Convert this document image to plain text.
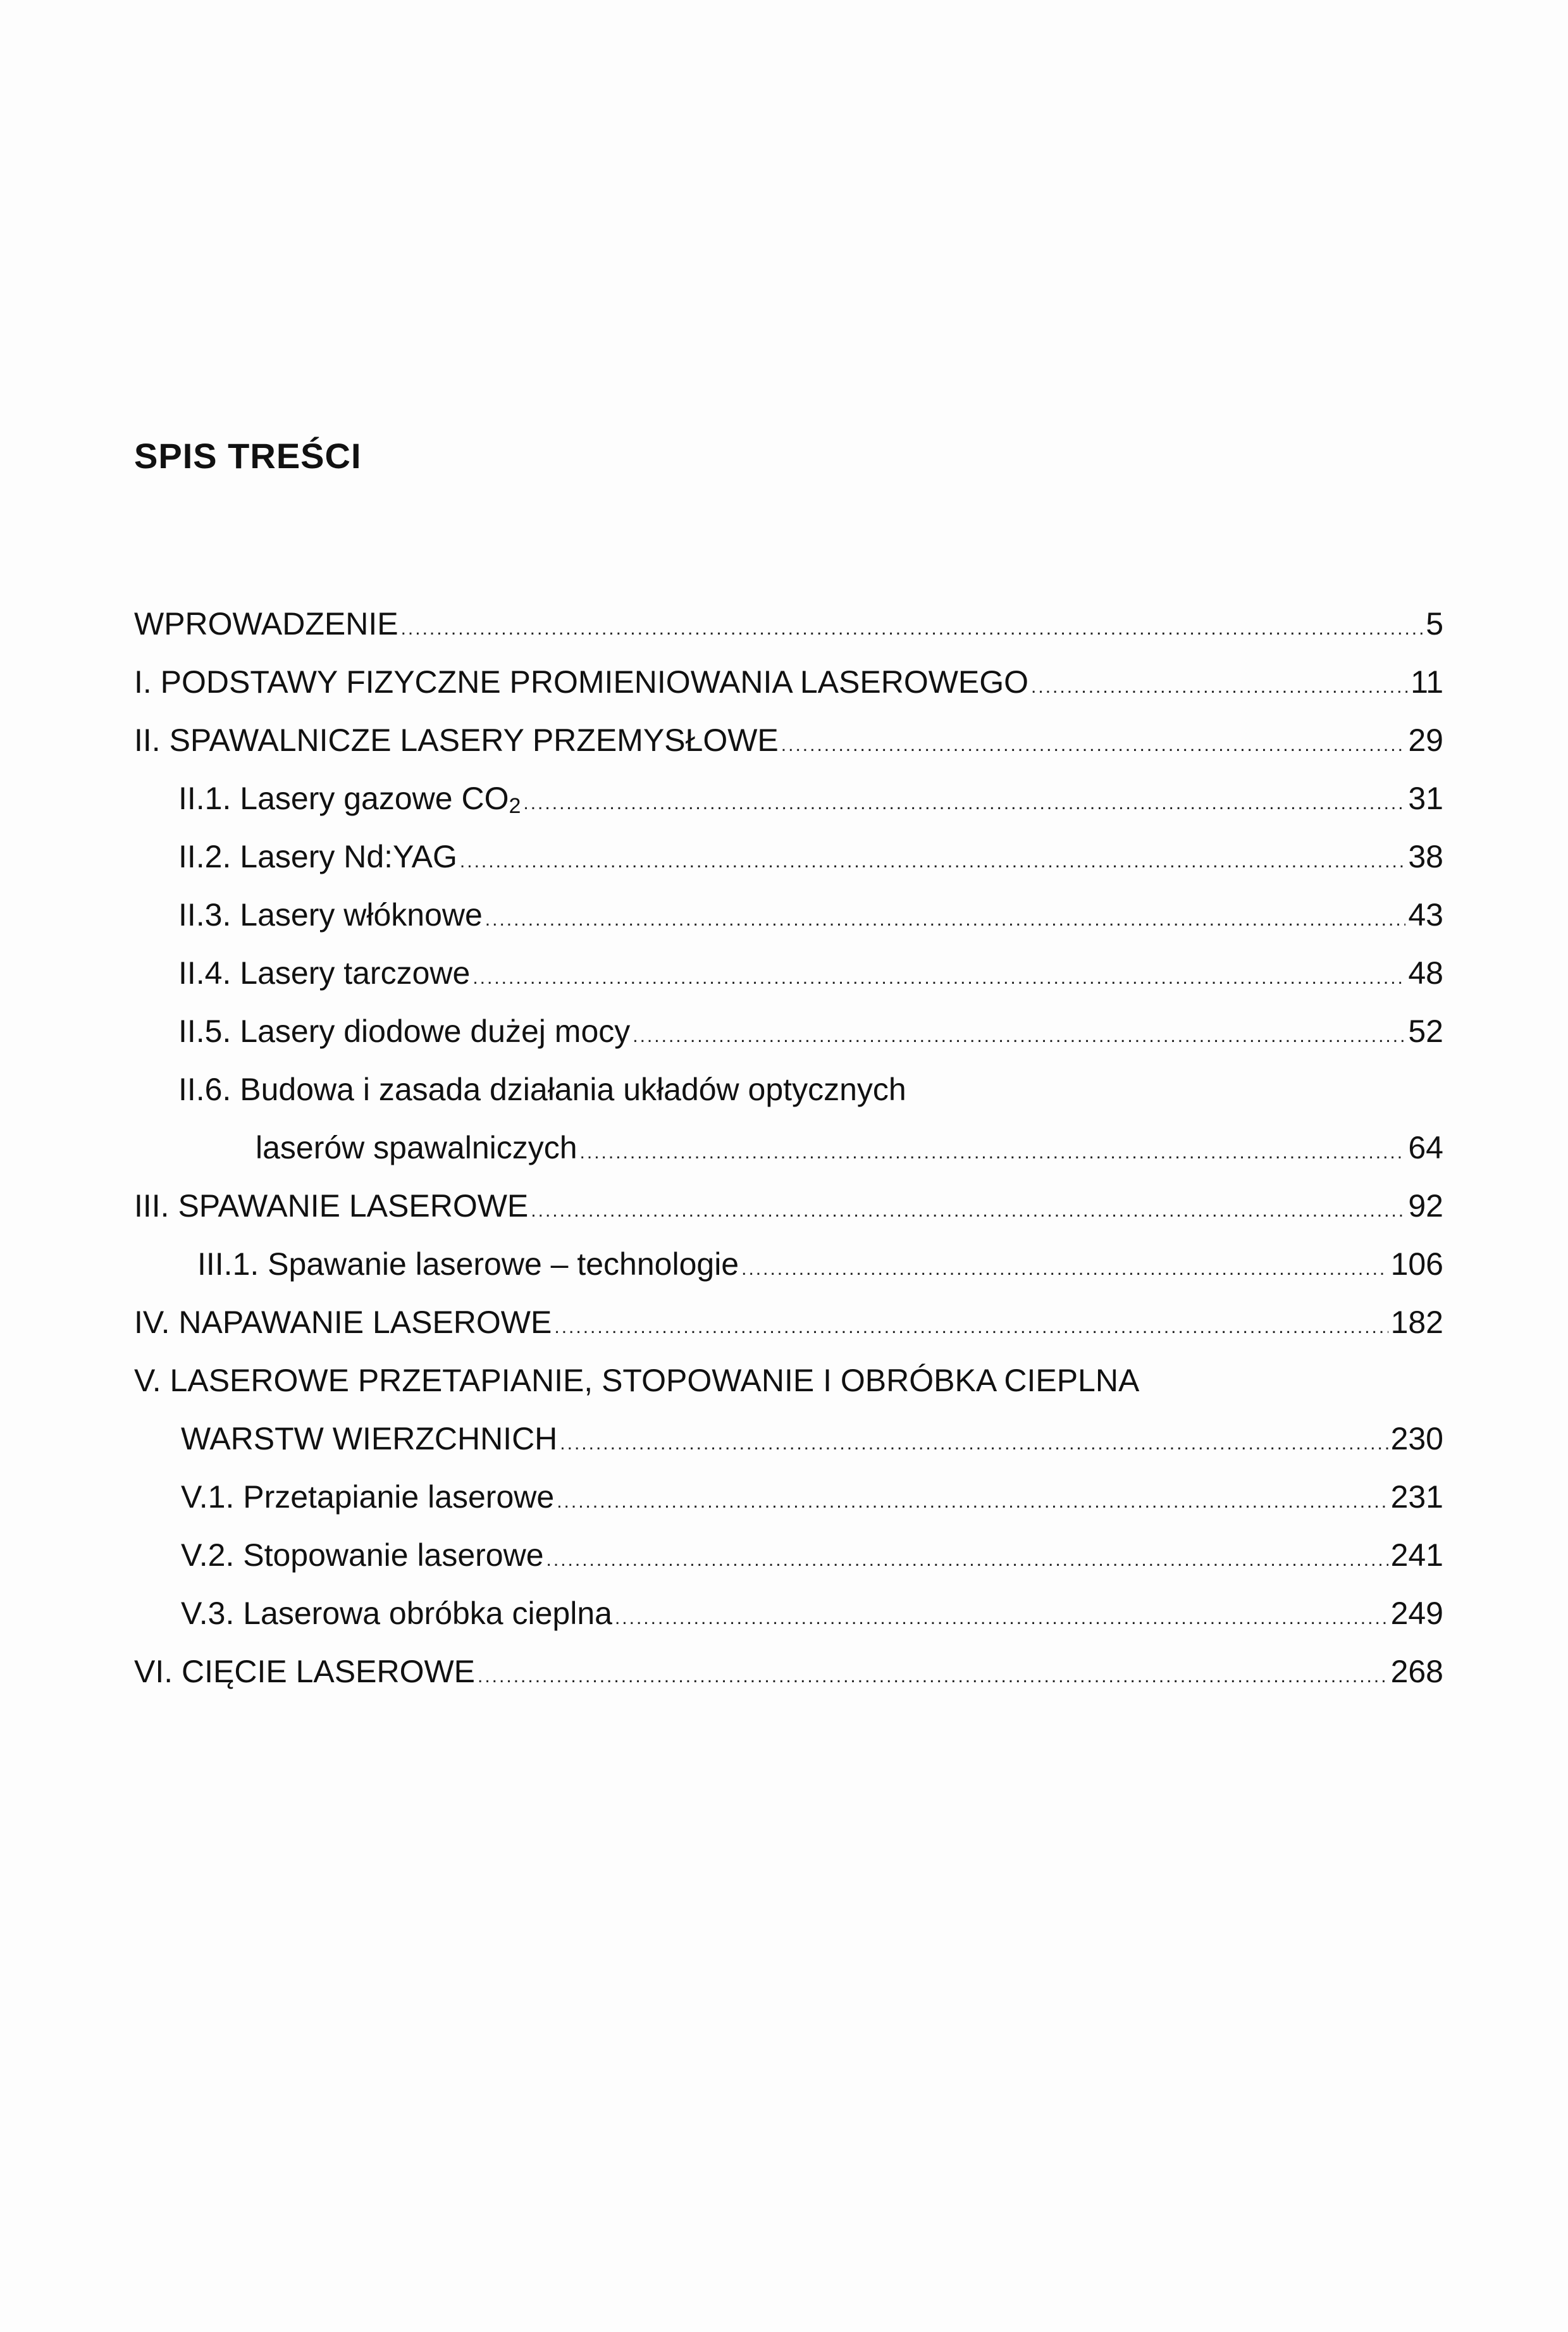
SPIS TREŚCI
WPROWADZENIE .....	5
I. PODSTAWY FIZYCZNE PROMIENIOWANIA LASEROWEGO .....	11
II. SPAWALNICZE LASERY PRZEMYSŁOWE .....	29
II.1. Lasery gazowe $CO_2$ .....	31
II.2. Lasery Nd:YAG .....	38
II.3. Lasery włóknowe .....	43
II.4. Lasery tarczowe .....	48
II.5. Lasery diodowe dużej mocy .....	52
II.6. Budowa i zasada działania układów optycznych
laserów spawalniczych .....	64
III. SPAWANIE LASEROWE .....	92
III.1. Spawanie laserowe – technologie .....	106
IV. NAPAWANIE LASEROWE .....	182
V. LASEROWE PRZETAPIANIE, STOPOWANIE I OBRÓBKA CIEPLNA
WARSTW WIERZCHNICH .....	230
V.1. Przetapianie laserowe .....	231
V.2. Stopowanie laserowe .....	241
V.3. Laserowa obróbka cieplna .....	249
VI. CIĘCIE LASEROWE .....	268
